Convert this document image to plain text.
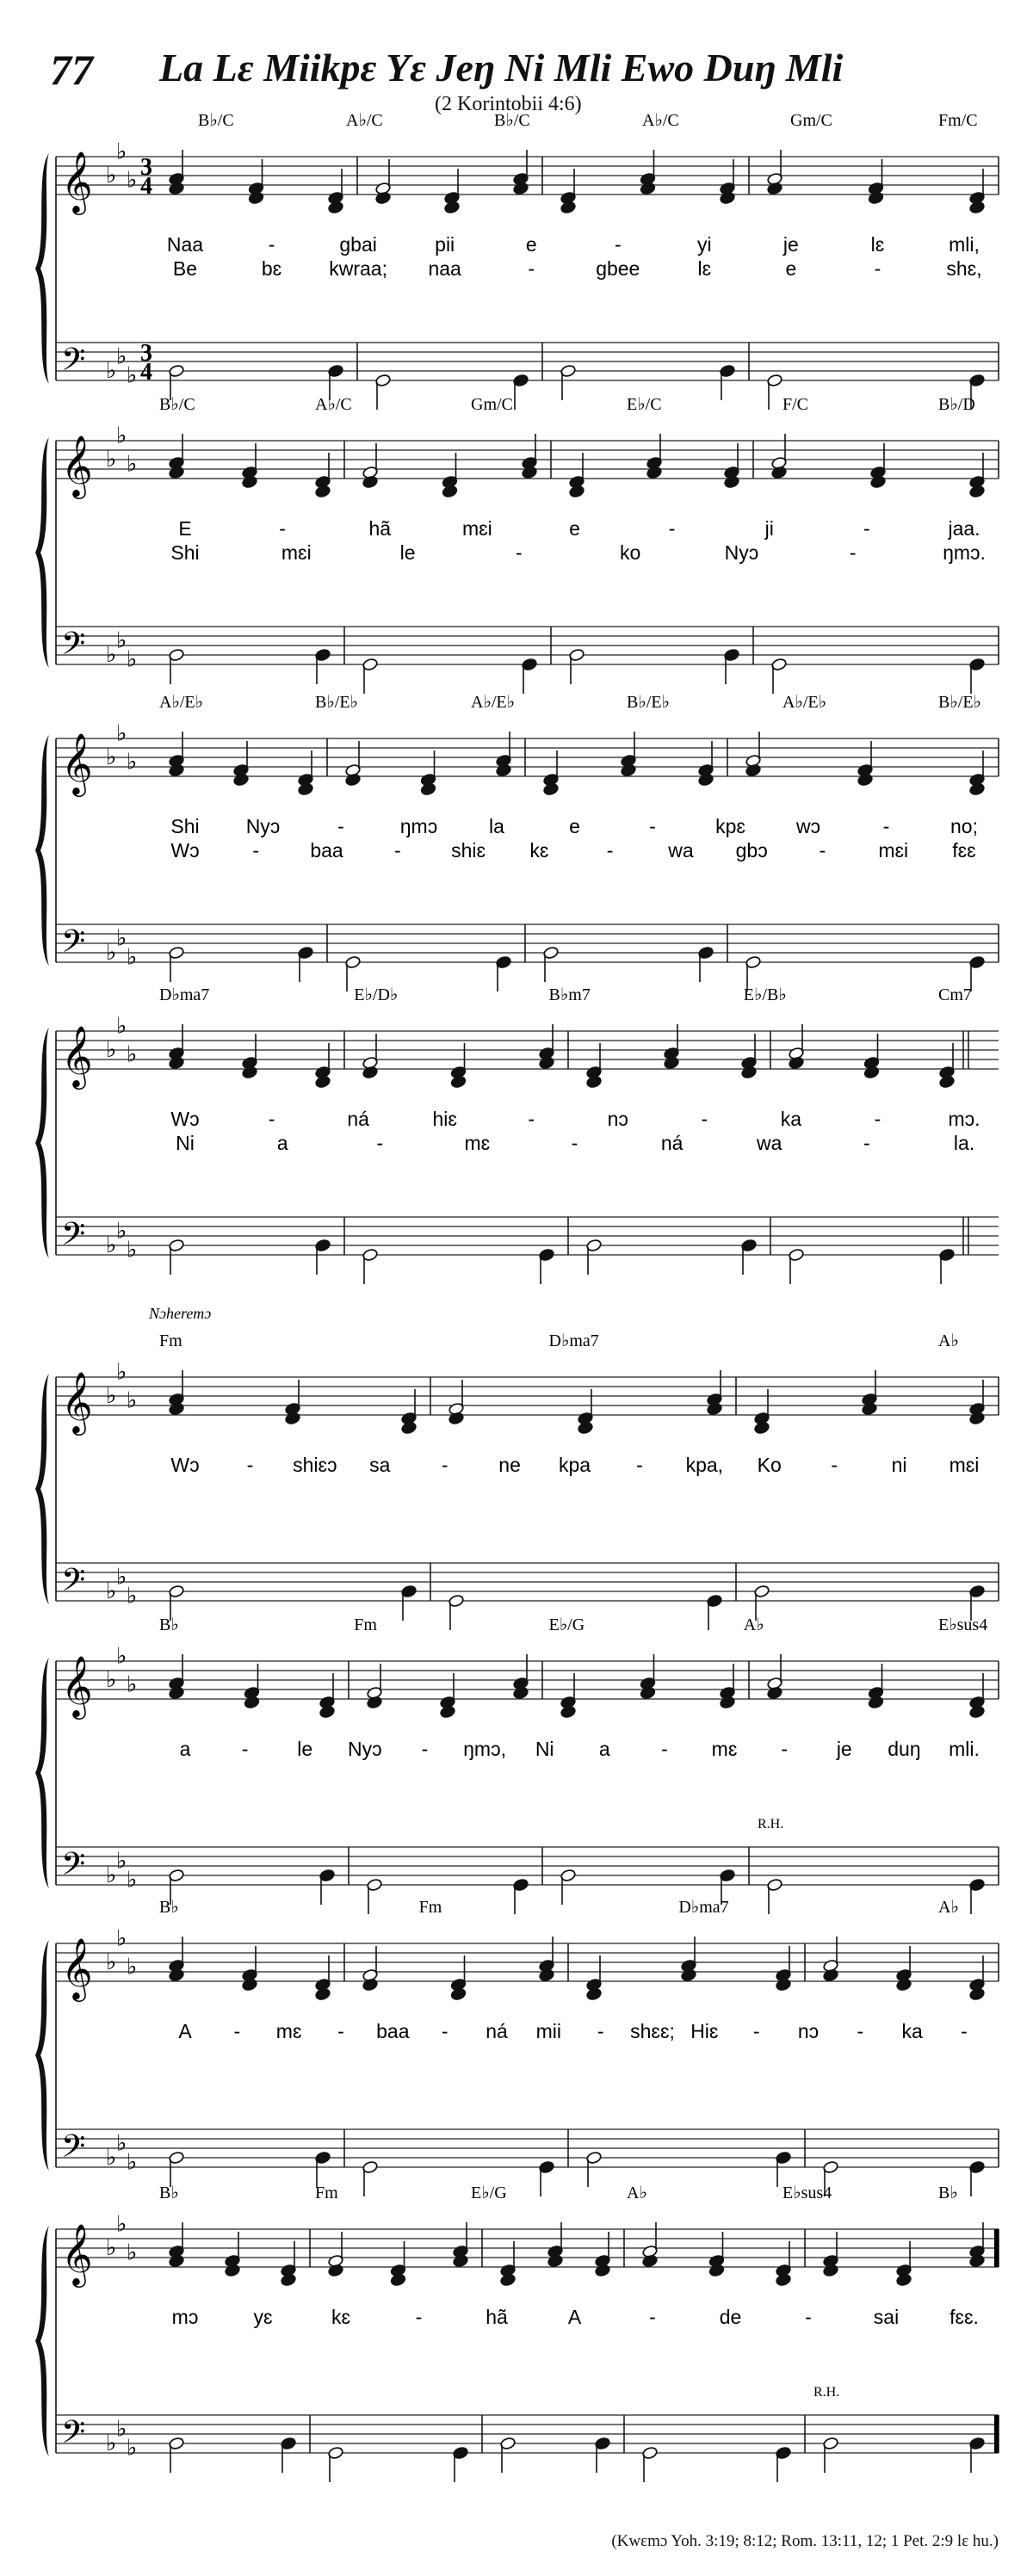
77 La Lɛ Miikpɛ Yɛ Jeŋ Ni Mli Ewo Duŋ Mli
(2 Korintobii 4:6)
𝄞
𝄢
♭
♭
♭
♭
♭
♭
3
4
3
4
B♭/C	A♭/C	B♭/C	A♭/C	Gm/C	Fm/C
Naa	-	gbai	pii	e	-	yi	je	lɛ	mli,
Be	bɛ kwraa; naa	-	gbee	lɛ	e	-	shɛ,
𝄞
𝄢
♭
♭
♭
♭
♭
♭
B♭/C	A♭/C	Gm/C	E♭/C	F/C	B♭/D
E	-	hã	mɛi	e	-	ji	-	jaa.
Shi	mɛi	le	-	ko	Nyɔ	-	ŋmɔ.
𝄞
𝄢
♭
♭
♭
♭
♭
♭
A♭/E♭	B♭/E♭	A♭/E♭	B♭/E♭	A♭/E♭	B♭/E♭
Shi Nyɔ	-	ŋmɔ	la	e	-	kpɛ	wɔ	-	no;
Wɔ	-	baa	-	shiɛ kɛ	-	wa gbɔ	-	mɛi fɛɛ
𝄞
𝄢
♭
♭
♭
♭
♭
♭
D♭ma7	E♭/D♭	B♭m7	E♭/B♭	Cm7
Wɔ	-	ná	hiɛ	-	nɔ	-	ka	-	mɔ.
Ni	a	-	mɛ	-	ná	wa	-	la.
𝄞
𝄢
♭
♭
♭
♭
♭
♭
Nɔheremɔ
Fm	D♭ma7	A♭
Wɔ - shiɛɔ sa	-	ne kpa - kpa, Ko	-	ni mɛi
𝄞
𝄢
♭
♭
♭
♭
♭
♭
B♭	Fm	E♭/G	A♭	E♭sus4
R.H.
a	- le Nyɔ - ŋmɔ, Ni a	- mɛ - je duŋ mli.
𝄞
𝄢
♭
♭
♭
♭
♭
♭
B♭	Fm	D♭ma7	A♭
A - mɛ - baa - ná mii - shɛɛ; Hiɛ - nɔ - ka -
𝄞
𝄢
♭
♭
♭
♭
♭
♭
B♭	Fm	E♭/G	A♭	E♭sus4	B♭
R.H.
mɔ	yɛ	kɛ	-	hã	A	-	de	-	sai	fɛɛ.
(Kwɛmɔ Yoh. 3:19; 8:12; Rom. 13:11, 12; 1 Pet. 2:9 lɛ hu.)
